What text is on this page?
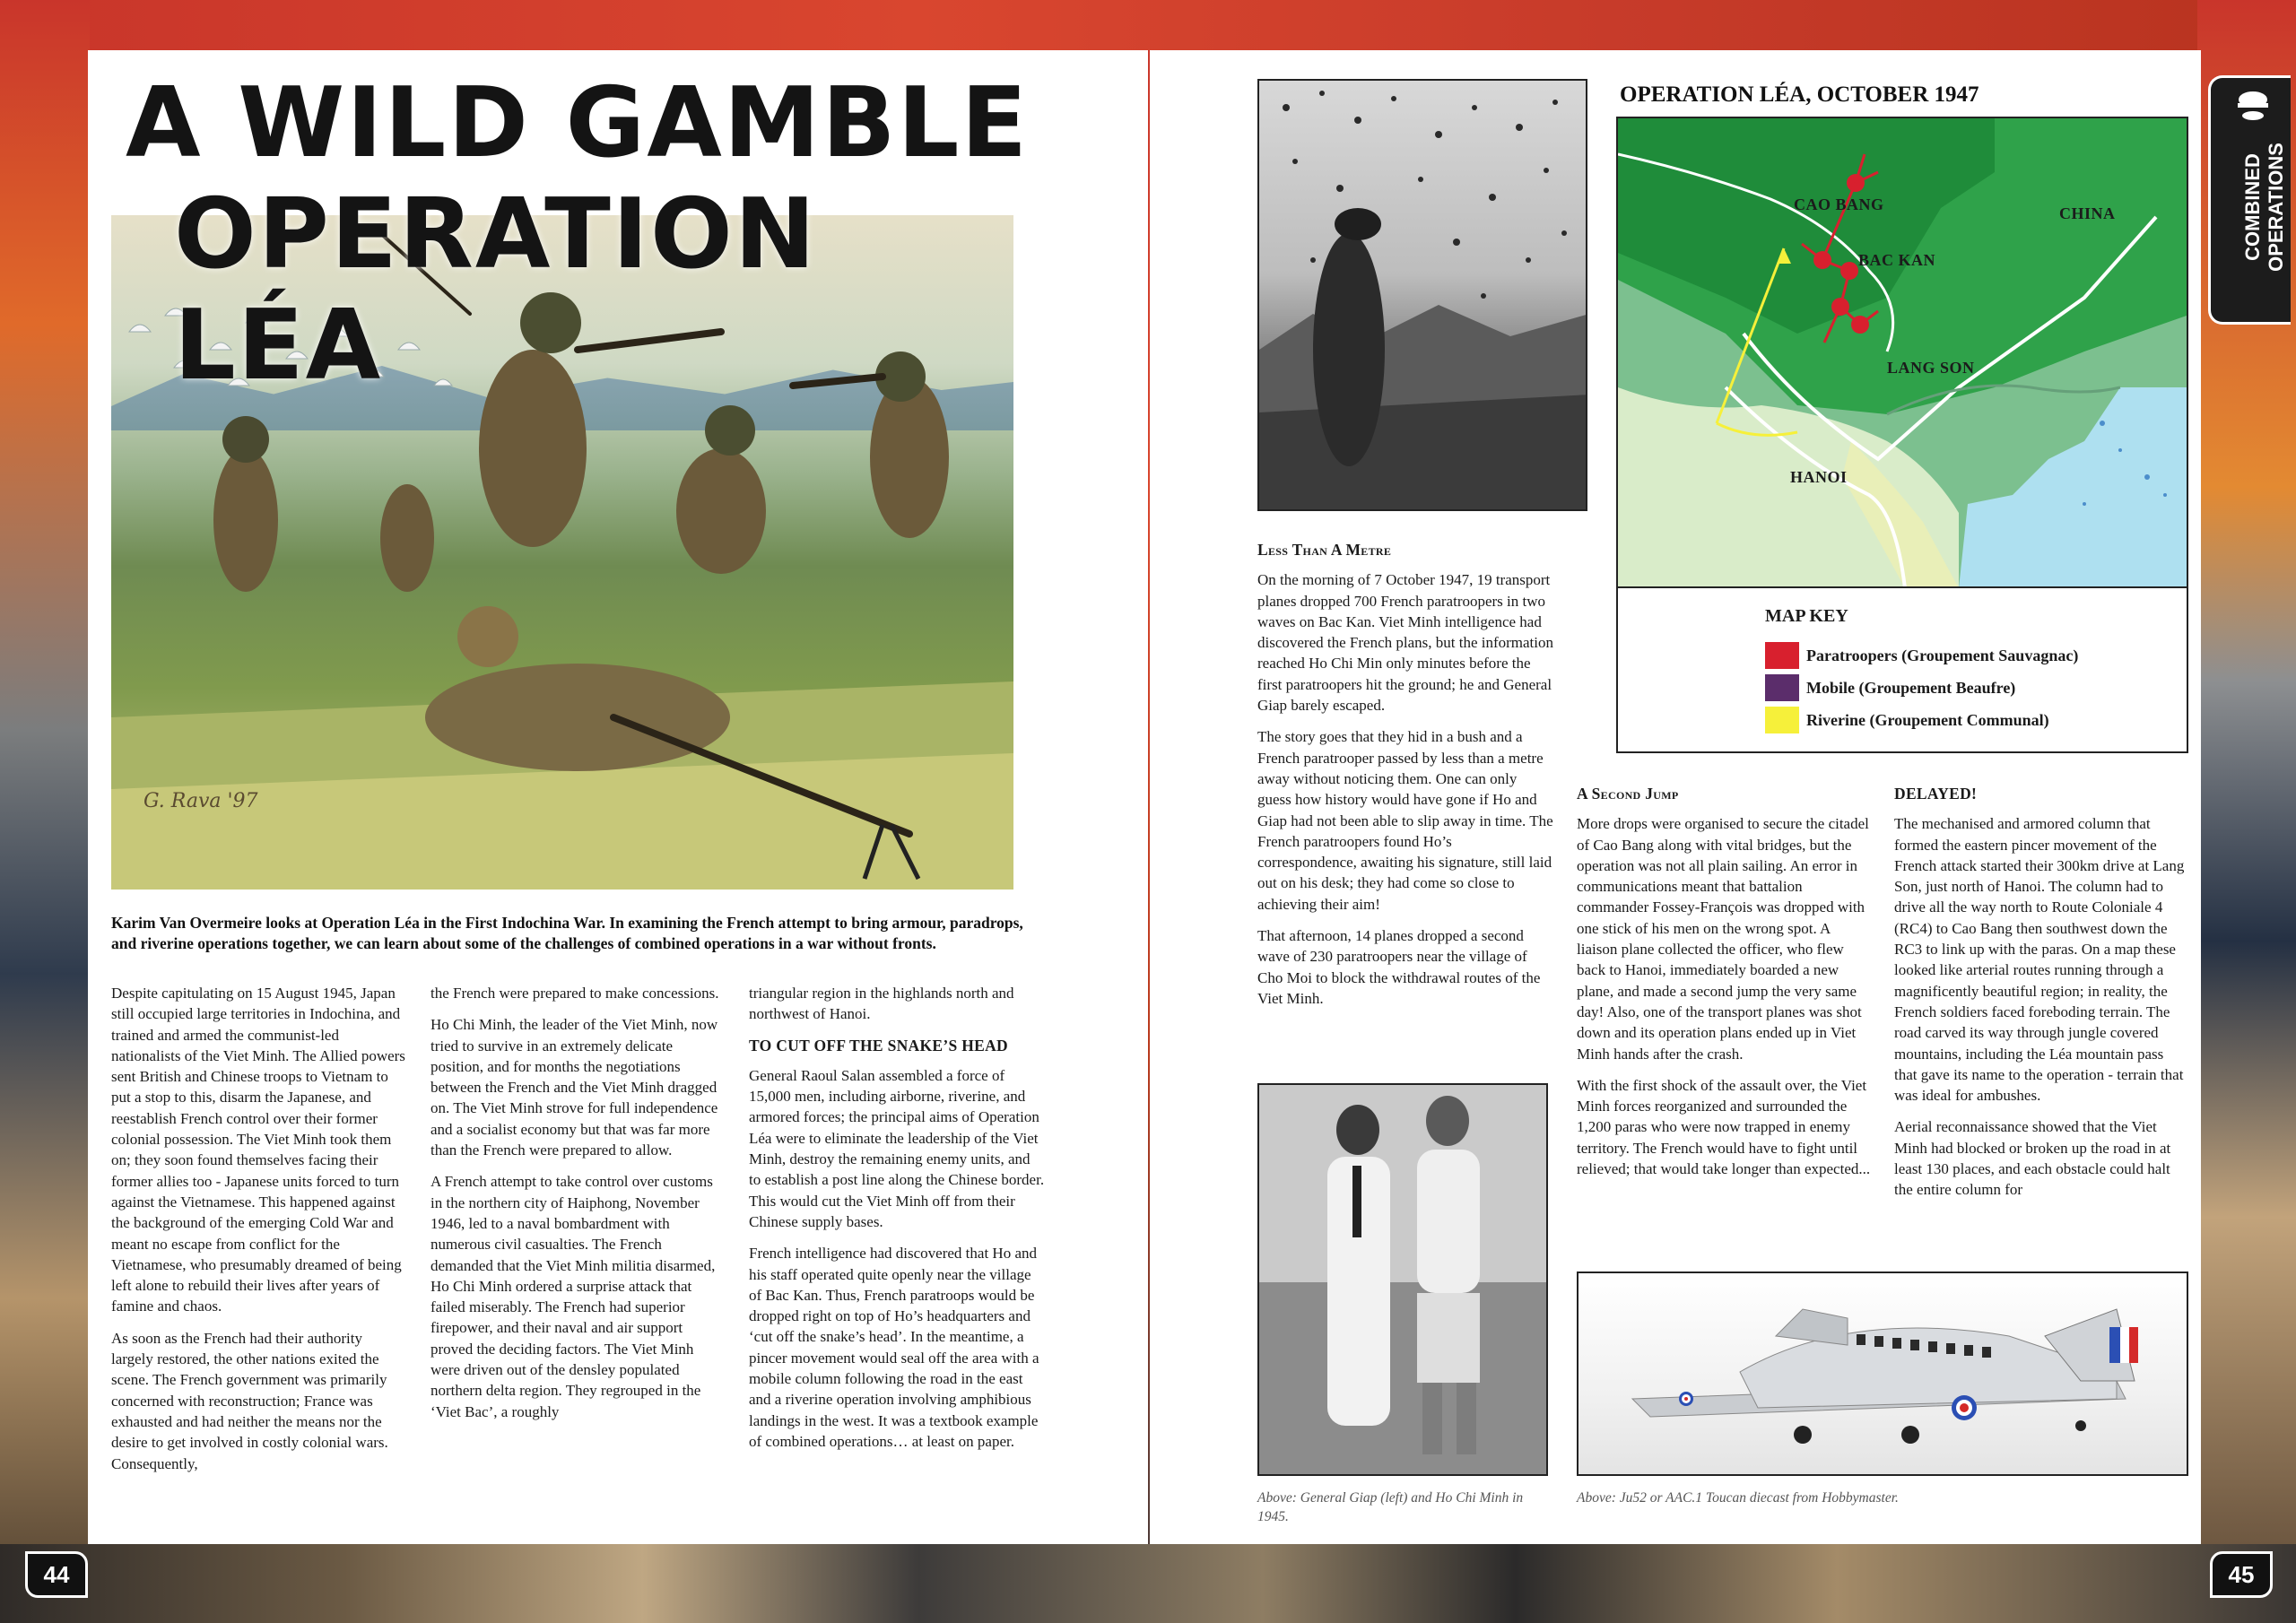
G. Rava '97
A WILD GAMBLE
OPERATION LÉA
Karim Van Overmeire looks at Operation Léa in the First Indochina War. In examining the French attempt to bring armour, paradrops, and riverine operations together, we can learn about some of the challenges of combined operations in a war without fronts.

Despite capitulating on 15 August 1945, Japan still occupied large territories in Indochina, and trained and armed the communist-led nationalists of the Viet Minh. The Allied powers sent British and Chinese troops to Vietnam to put a stop to this, disarm the Japanese, and reestablish French control over their former colonial possession. The Viet Minh took them on; they soon found themselves facing their former allies too - Japanese units forced to turn against the Vietnamese. This happened against the background of the emerging Cold War and meant no escape from conflict for the Vietnamese, who presumably dreamed of being left alone to rebuild their lives after years of famine and chaos.

As soon as the French had their authority largely restored, the other nations exited the scene. The French government was primarily concerned with reconstruction; France was exhausted and had neither the means nor the desire to get involved in costly colonial wars. Consequently,

the French were prepared to make concessions.

Ho Chi Minh, the leader of the Viet Minh, now tried to survive in an extremely delicate position, and for months the negotiations between the French and the Viet Minh dragged on. The Viet Minh strove for full independence and a socialist economy but that was far more than the French were prepared to allow.

A French attempt to take control over customs in the northern city of Haiphong, November 1946, led to a naval bombardment with numerous civil casualties. The French demanded that the Viet Minh militia disarmed, Ho Chi Minh ordered a surprise attack that failed miserably. The French had superior firepower, and their naval and air support proved the deciding factors. The Viet Minh were driven out of the densley populated northern delta region. They regrouped in the ‘Viet Bac’, a roughly

triangular region in the highlands north and northwest of Hanoi.

TO CUT OFF THE SNAKE’S HEAD

General Raoul Salan assembled a force of 15,000 men, including airborne, riverine, and armored forces; the principal aims of Operation Léa were to eliminate the leadership of the Viet Minh, destroy the remaining enemy units, and to establish a post line along the Chinese border. This would cut the Viet Minh off from their Chinese supply bases.

French intelligence had discovered that Ho and his staff operated quite openly near the village of Bac Kan. Thus, French paratroops would be dropped right on top of Ho’s headquarters and ‘cut off the snake’s head’. In the meantime, a pincer movement would seal off the area with a mobile column following the road in the east and a riverine operation involving amphibious landings in the west. It was a textbook example of combined operations… at least on paper.

OPERATION LÉA, OCTOBER 1947
CAO BANG	CHINA
BAC KAN
LANG SON
HANOI
MAP KEY
Paratroopers (Groupement Sauvagnac)
Mobile (Groupement Beaufre)
Riverine (Groupement Communal)
Less Than A Metre

On the morning of 7 October 1947, 19 transport planes dropped 700 French paratroopers in two waves on Bac Kan. Viet Minh intelligence had discovered the French plans, but the information reached Ho Chi Min only minutes before the first paratroopers hit the ground; he and General Giap barely escaped.

The story goes that they hid in a bush and a French paratrooper passed by less than a metre away without noticing them. One can only guess how history would have gone if Ho and Giap had not been able to slip away in time. The French paratroopers found Ho’s correspondence, awaiting his signature, still laid out on his desk; they had come so close to achieving their aim!

That afternoon, 14 planes dropped a second wave of 230 paratroopers near the village of Cho Moi to block the withdrawal routes of the Viet Minh.

A Second Jump

More drops were organised to secure the citadel of Cao Bang along with vital bridges, but the operation was not all plain sailing. An error in communications meant that battalion commander Fossey-François was dropped with one stick of his men on the wrong spot. A liaison plane collected the officer, who flew back to Hanoi, immediately boarded a new plane, and made a second jump the very same day! Also, one of the transport planes was shot down and its operation plans ended up in Viet Minh hands after the crash.

With the first shock of the assault over, the Viet Minh forces reorganized and surrounded the 1,200 paras who were now trapped in enemy territory. The French would have to fight until relieved; that would take longer than expected...

DELAYED!

The mechanised and armored column that formed the eastern pincer movement of the French attack started their 300km drive at Lang Son, just north of Hanoi. The column had to drive all the way north to Route Coloniale 4 (RC4) to Cao Bang then southwest down the RC3 to link up with the paras. On a map these looked like arterial routes running through a magnificently beautiful region; in reality, the French soldiers faced foreboding terrain. The road carved its way through jungle covered mountains, including the Léa mountain pass that gave its name to the operation - terrain that was ideal for ambushes.

Aerial reconnaissance showed that the Viet Minh had blocked or broken up the road in at least 130 places, and each obstacle could halt the entire column for

Above: General Giap (left) and Ho Chi Minh in 1945.
Above: Ju52 or AAC.1 Toucan diecast from Hobbymaster.
COMBINED OPERATIONS
44	45
